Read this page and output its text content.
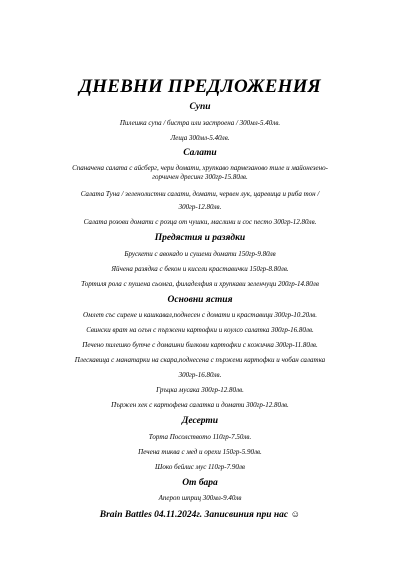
ДНЕВНИ ПРЕДЛОЖЕНИЯ
Супи
Пилешка супа / бистра или застроена / 300мл-5.40лв.
Леща 300мл-5.40лв.
Салати
Спаначена салата с айсберг, чери домати, хрупкаво пармезаново тиле и майонезено-
горчичен дресинг 300гр-15.80лв.
Салата Туна / зеленолистни салати, домати, червен лук, царевица и риба тон /
300гр-12.80лв.
Салата розови домати с розца от чушки, маслини и сос песто 300гр-12.80лв.
Предястия и разядки
Брускети с авокадо и сушени домати 150гр-9.80лв
Яйчена разядка с бекон и кисели краставички 150гр-8.80лв.
Тортиля рола с пушена сьомга, филаделфия и хрупкави зеленчуци 200гр-14.80лв
Основни ястия
Омлет със сирене и кашкавал,поднесен с домати и краставици 300гр-10.20лв.
Свински врат на огън с пържени картофки и коулсо салатка 300гр-16.80лв.
Печено пилешко бутче с домашни билкови картофки с кожичка 300гр-11.80лв.
Плескавица с манатарки на скара,поднесена с пържени картофки и чобан салатка
300гр-16.80лв.
Гръцка мусака 300гр-12.80лв.
Пържен хек с картофена салатка и домати 300гр-12.80лв.
Десерти
Торта Посолството 110гр-7.50лв.
Печена тиква с мед и орехи 150гр-5.90лв.
Шоко бейлис мус 110гр-7.90лв
От бара
Апероп шприц 300мл-9.40лв
Brain Battles 04.11.2024г. Записвиния при нас ☺
